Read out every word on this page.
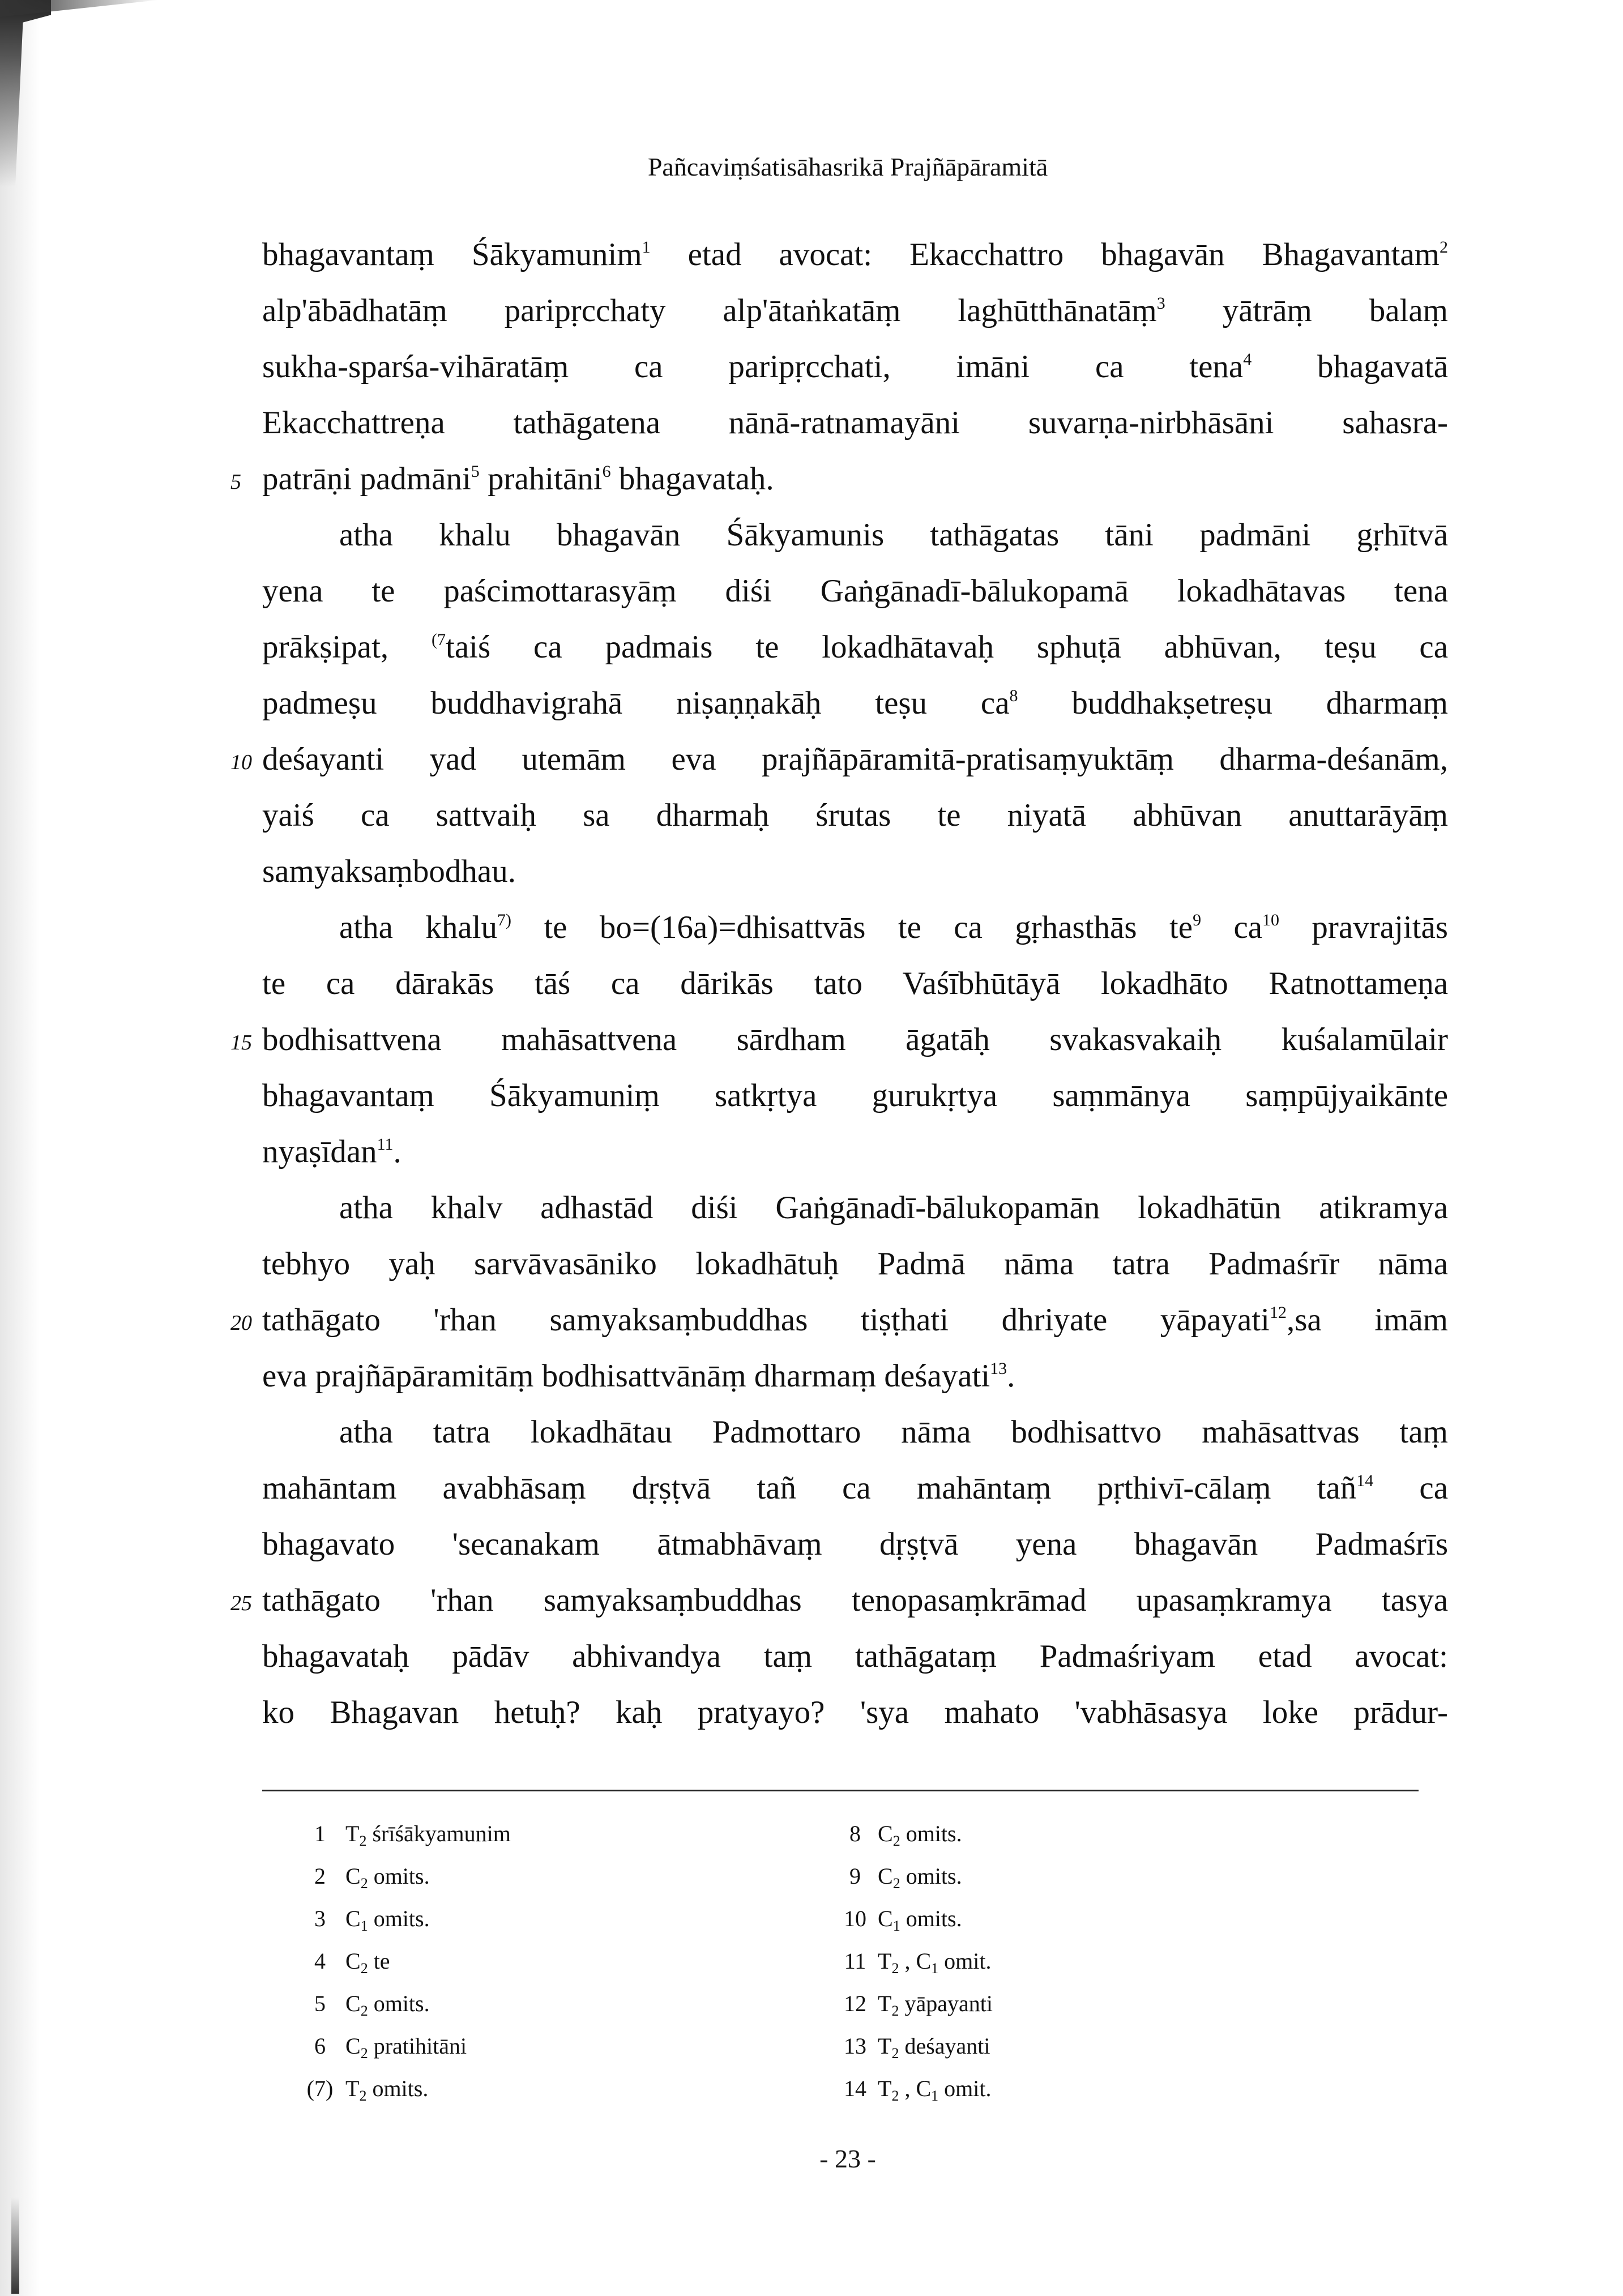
Pañcaviṃśatisāhasrikā Prajñāpāramitā
bhagavantaṃ Śākyamunim$^1$ etad avocat: Ekacchattro bhagavān Bhagavantam$^2$
alp'ābādhatāṃ paripṛcchaty alp'ātaṅkatāṃ laghūtthānatāṃ$^3$ yātrāṃ balaṃ
sukha-sparśa-vihāratāṃ ca paripṛcchati, imāni ca tena$^4$ bhagavatā
Ekacchattreṇa tathāgatena nānā-ratnamayāni suvarṇa-nirbhāsāni sahasra-
5 patrāṇi padmāni$^5$ prahitāni$^6$ bhagavataḥ.
atha khalu bhagavān Śākyamunis tathāgatas tāni padmāni gṛhītvā
yena te paścimottarasyāṃ diśi Gaṅgānadī-bālukopamā lokadhātavas tena
prākṣipat, $^{(7}$taiś ca padmais te lokadhātavaḥ sphuṭā abhūvan, teṣu ca
padmeṣu buddhavigrahā niṣaṇṇakāḥ teṣu $ca^8$ buddhakṣetreṣu dharmaṃ
10 deśayanti yad utemām eva prajñāpāramitā-pratisaṃyuktāṃ dharma-deśanām,
yaiś ca sattvaiḥ sa dharmaḥ śrutas te niyatā abhūvan anuttarāyāṃ
samyaksaṃbodhau.
atha khalu$^{7)}$ te bo=(16a)=dhisattvās te ca gṛhasthās $te^9$ $ca^{10}$ pravrajitās
te ca dārakās tāś ca dārikās tato Vaśībhūtāyā lokadhāto Ratnottameṇa
15 bodhisattvena mahāsattvena sārdham āgatāḥ svakasvakaiḥ kuśalamūlair
bhagavantaṃ Śākyamuniṃ satkṛtya gurukṛtya saṃmānya saṃpūjyaikānte
nyaṣīdan$^{11}$.
atha khalv adhastād diśi Gaṅgānadī-bālukopamān lokadhātūn atikramya
tebhyo yaḥ sarvāvasāniko lokadhātuḥ Padmā nāma tatra Padmaśrīr nāma
20 tathāgato 'rhan samyaksaṃbuddhas tiṣṭhati dhriyate yāpayati$^{12}$,sa imām
eva prajñāpāramitāṃ bodhisattvānāṃ dharmaṃ deśayati$^{13}$.
atha tatra lokadhātau Padmottaro nāma bodhisattvo mahāsattvas taṃ
mahāntam avabhāsaṃ dṛṣṭvā tañ ca mahāntaṃ pṛthivī-cālaṃ tañ$^{14}$ ca
bhagavato 'secanakam ātmabhāvaṃ dṛṣṭvā yena bhagavān Padmaśrīs
25 tathāgato 'rhan samyaksaṃbuddhas tenopasaṃkrāmad upasaṃkramya tasya
bhagavataḥ pādāv abhivandya taṃ tathāgataṃ Padmaśriyam etad avocat:
ko Bhagavan hetuḥ? kaḥ pratyayo? 'sya mahato 'vabhāsasya loke prādur-
1 $T_2$ śrīśākyamunim
2 $C_2$ omits.
3 $C_1$ omits.
4 $C_2$ te
5 $C_2$ omits.
6 $C_2$ pratihitāni
(7) $T_2$ omits.
8 $C_2$ omits.
9 $C_2$ omits.
10 $C_1$ omits.
11 $T_2$ , $C_1$ omit.
12 $T_2$ yāpayanti
13 $T_2$ deśayanti
14 $T_2$ , $C_1$ omit.
- 23 -
